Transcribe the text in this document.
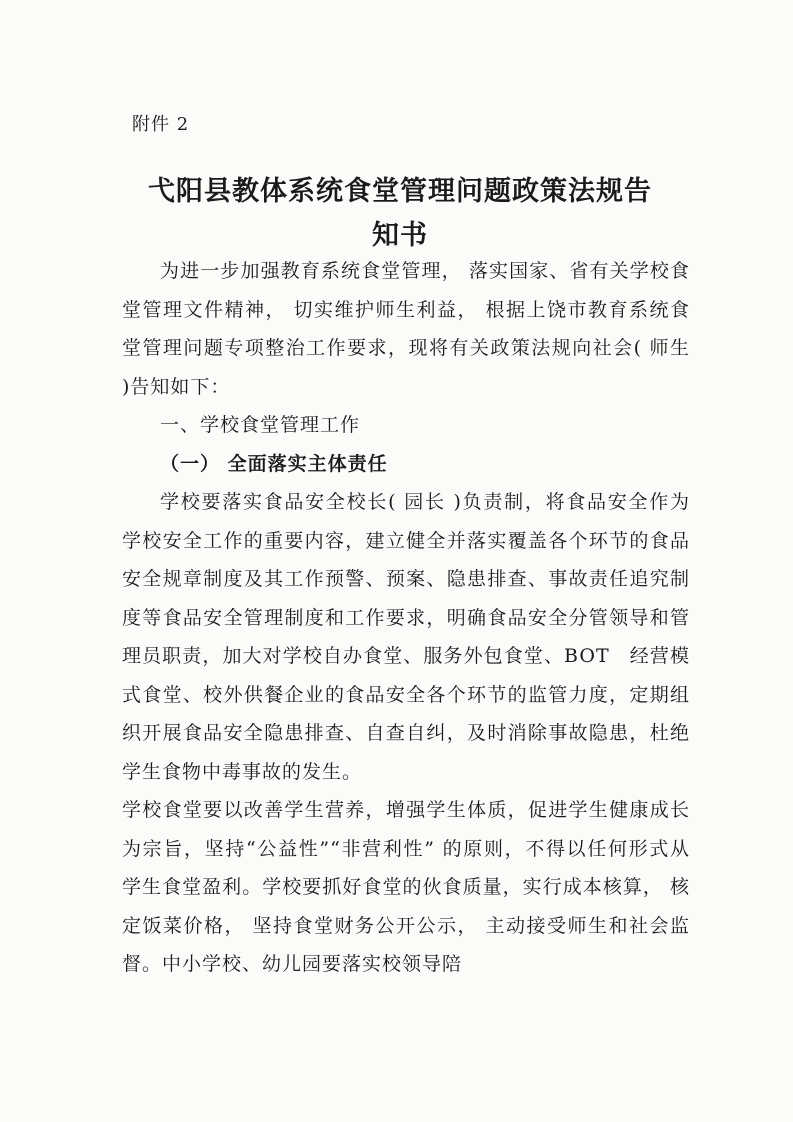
附件 2
弋阳县教体系统食堂管理问题政策法规告
知书

为进一步加强教育系统食堂管理， 落实国家、省有关学校食堂管理文件精神， 切实维护师生利益， 根据上饶市教育系统食堂管理问题专项整治工作要求，现将有关政策法规向社会( 师生 )告知如下：

一、学校食堂管理工作

（一） 全面落实主体责任

学校要落实食品安全校长( 园长 )负责制，将食品安全作为学校安全工作的重要内容，建立健全并落实覆盖各个环节的食品安全规章制度及其工作预警、预案、隐患排查、事故责任追究制度等食品安全管理制度和工作要求，明确食品安全分管领导和管理员职责，加大对学校自办食堂、服务外包食堂、BOT　经营模式食堂、校外供餐企业的食品安全各个环节的监管力度，定期组织开展食品安全隐患排查、自查自纠，及时消除事故隐患，杜绝学生食物中毒事故的发生。

学校食堂要以改善学生营养，增强学生体质，促进学生健康成长为宗旨，坚持“公益性”“非营利性” 的原则，不得以任何形式从学生食堂盈利。学校要抓好食堂的伙食质量，实行成本核算， 核定饭菜价格， 坚持食堂财务公开公示， 主动接受师生和社会监督。中小学校、幼儿园要落实校领导陪
